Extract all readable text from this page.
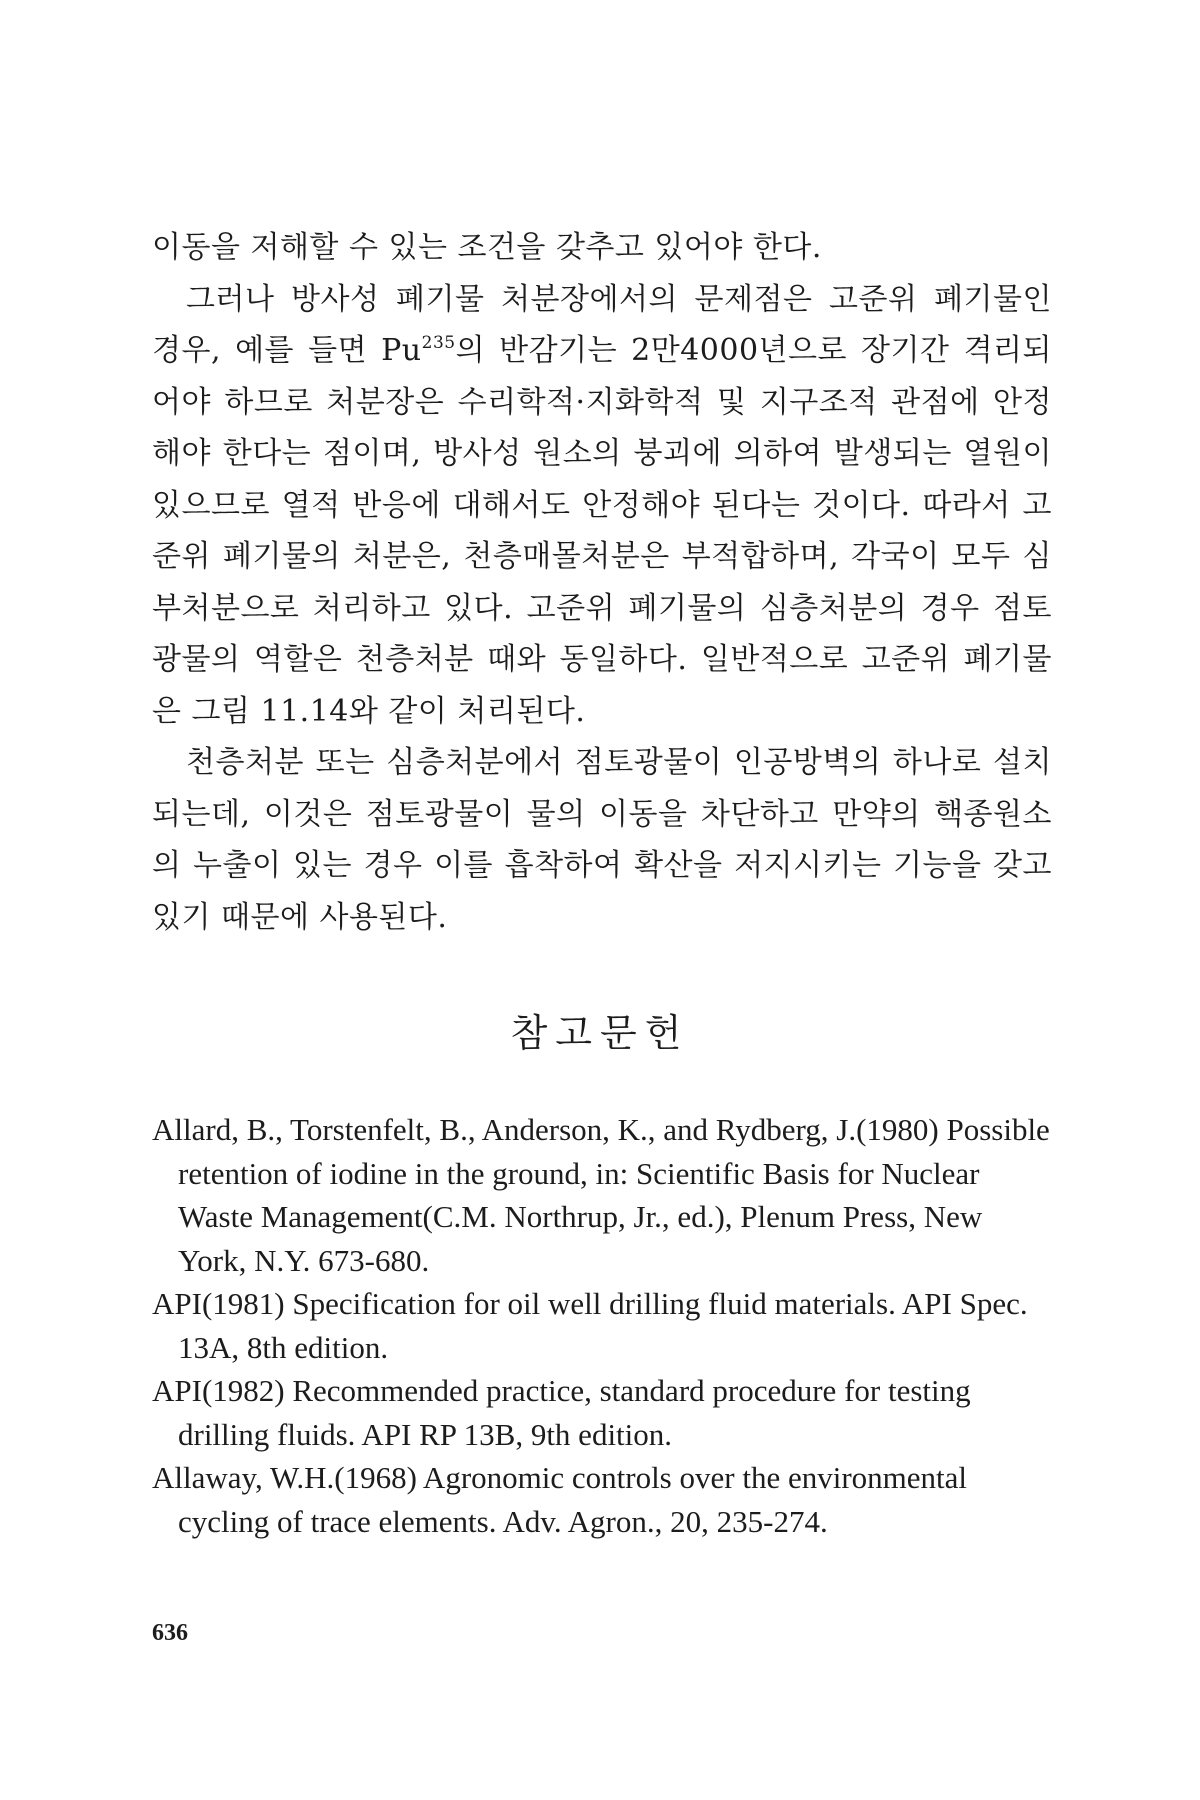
이동을 저해할 수 있는 조건을 갖추고 있어야 한다.

그러나 방사성 폐기물 처분장에서의 문제점은 고준위 폐기물인 경우, 예를 들면 Pu$^{235}$의 반감기는 2만4000년으로 장기간 격리되어야 하므로 처분장은 수리학적·지화학적 및 지구조적 관점에 안정해야 한다는 점이며, 방사성 원소의 붕괴에 의하여 발생되는 열원이 있으므로 열적 반응에 대해서도 안정해야 된다는 것이다. 따라서 고준위 폐기물의 처분은, 천층매몰처분은 부적합하며, 각국이 모두 심부처분으로 처리하고 있다. 고준위 폐기물의 심층처분의 경우 점토광물의 역할은 천층처분 때와 동일하다. 일반적으로 고준위 폐기물은 그림 11.14와 같이 처리된다.

천층처분 또는 심층처분에서 점토광물이 인공방벽의 하나로 설치되는데, 이것은 점토광물이 물의 이동을 차단하고 만약의 핵종원소의 누출이 있는 경우 이를 흡착하여 확산을 저지시키는 기능을 갖고 있기 때문에 사용된다.

참고문헌

Allard, B., Torstenfelt, B., Anderson, K., and Rydberg, J.(1980) Possible retention of iodine in the ground, in: Scientific Basis for Nuclear Waste Management(C.M. Northrup, Jr., ed.), Plenum Press, New York, N.Y. 673-680.

API(1981) Specification for oil well drilling fluid materials. API Spec. 13A, 8th edition.

API(1982) Recommended practice, standard procedure for testing drilling fluids. API RP 13B, 9th edition.

Allaway, W.H.(1968) Agronomic controls over the environmental cycling of trace elements. Adv. Agron., 20, 235-274.

636
